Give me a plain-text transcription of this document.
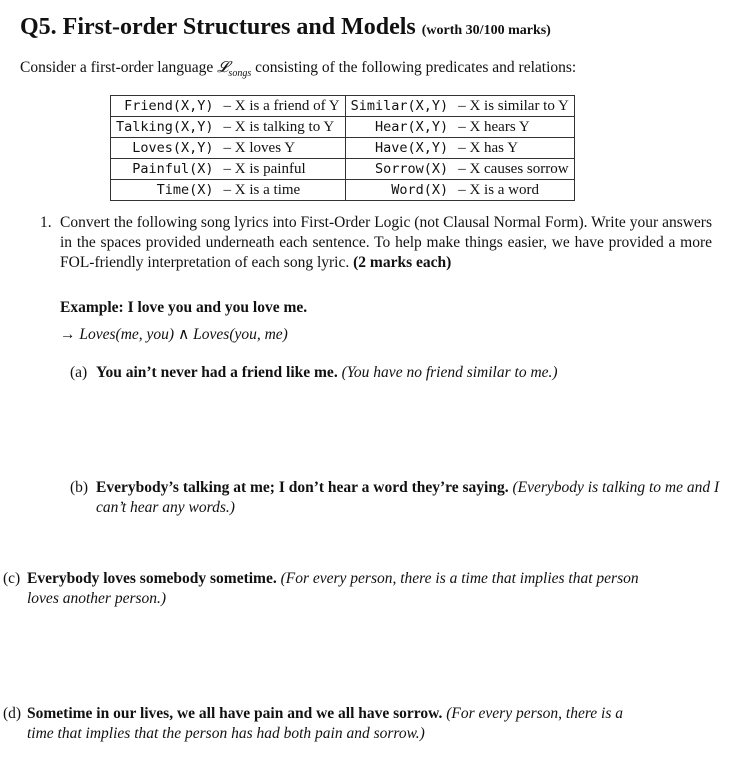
Q5. First-order Structures and Models (worth 30/100 marks)
Consider a first-order language 𝓛$_{songs}$ consisting of the following predicates and relations:
Friend(X,Y)	– X is a friend of Y	Similar(X,Y)	– X is similar to Y
Talking(X,Y)	– X is talking to Y	Hear(X,Y)	– X hears Y
Loves(X,Y)	– X loves Y	Have(X,Y)	– X has Y
Painful(X)	– X is painful	Sorrow(X)	– X causes sorrow
Time(X)	– X is a time	Word(X)	– X is a word
1. Convert the following song lyrics into First-Order Logic (not Clausal Normal Form). Write your answers in the spaces provided underneath each sentence. To help make things easier, we have provided a more FOL-friendly interpretation of each song lyric. (2 marks each)
Example: I love you and you love me.
→ Loves(me, you) ∧ Loves(you, me)
(a) You ain’t never had a friend like me. (You have no friend similar to me.)
(b) Everybody’s talking at me; I don’t hear a word they’re saying. (Everybody is talking to me and I can’t hear any words.)
(c) Everybody loves somebody sometime. (For every person, there is a time that implies that person loves another person.)
(d) Sometime in our lives, we all have pain and we all have sorrow. (For every person, there is a time that implies that the person has had both pain and sorrow.)
